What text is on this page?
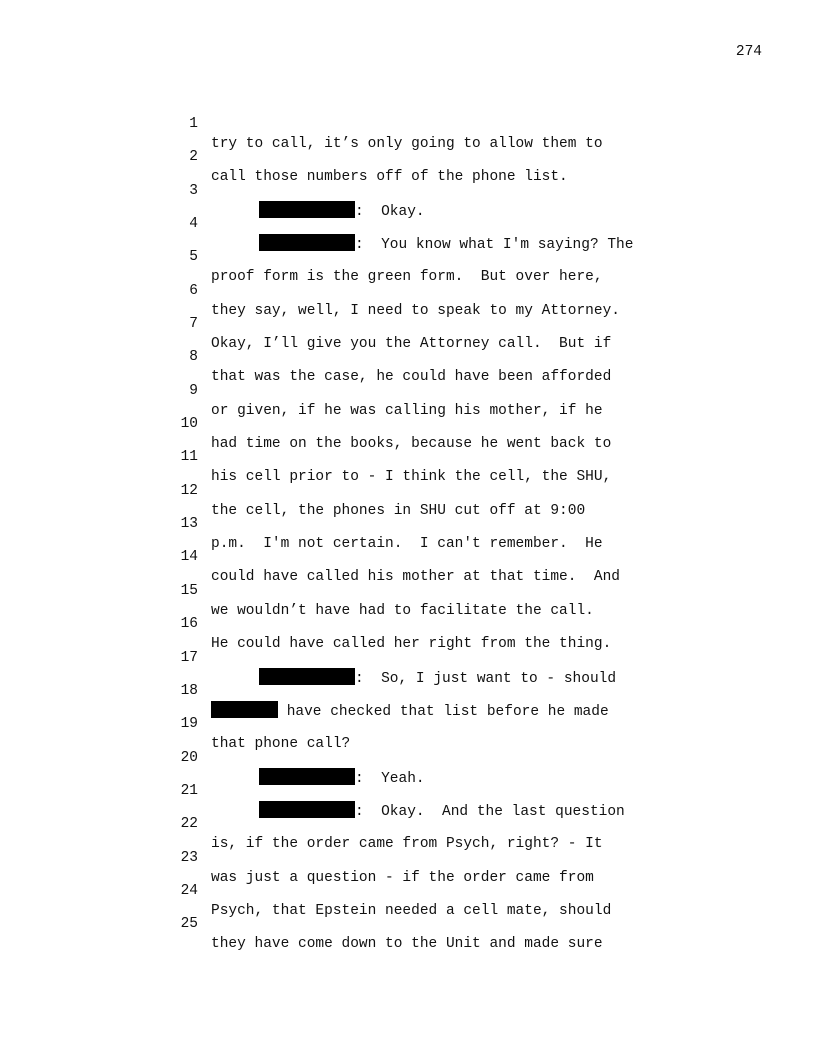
274

1

try to call, it’s only going to allow them to

2

call those numbers off of the phone list.

3

:  Okay.

4

:  You know what I'm saying? The

5

proof form is the green form.  But over here,

6

they say, well, I need to speak to my Attorney.

7

Okay, I’ll give you the Attorney call.  But if

8

that was the case, he could have been afforded

9

or given, if he was calling his mother, if he

10

had time on the books, because he went back to

11

his cell prior to - I think the cell, the SHU,

12

the cell, the phones in SHU cut off at 9:00

13

p.m.  I'm not certain.  I can't remember.  He

14

could have called his mother at that time.  And

15

we wouldn’t have had to facilitate the call.

16

He could have called her right from the thing.

17

:  So, I just want to - should

18

have checked that list before he made

19

that phone call?

20

:  Yeah.

21

:  Okay.  And the last question

22

is, if the order came from Psych, right? - It

23

was just a question - if the order came from

24

Psych, that Epstein needed a cell mate, should

25

they have come down to the Unit and made sure
